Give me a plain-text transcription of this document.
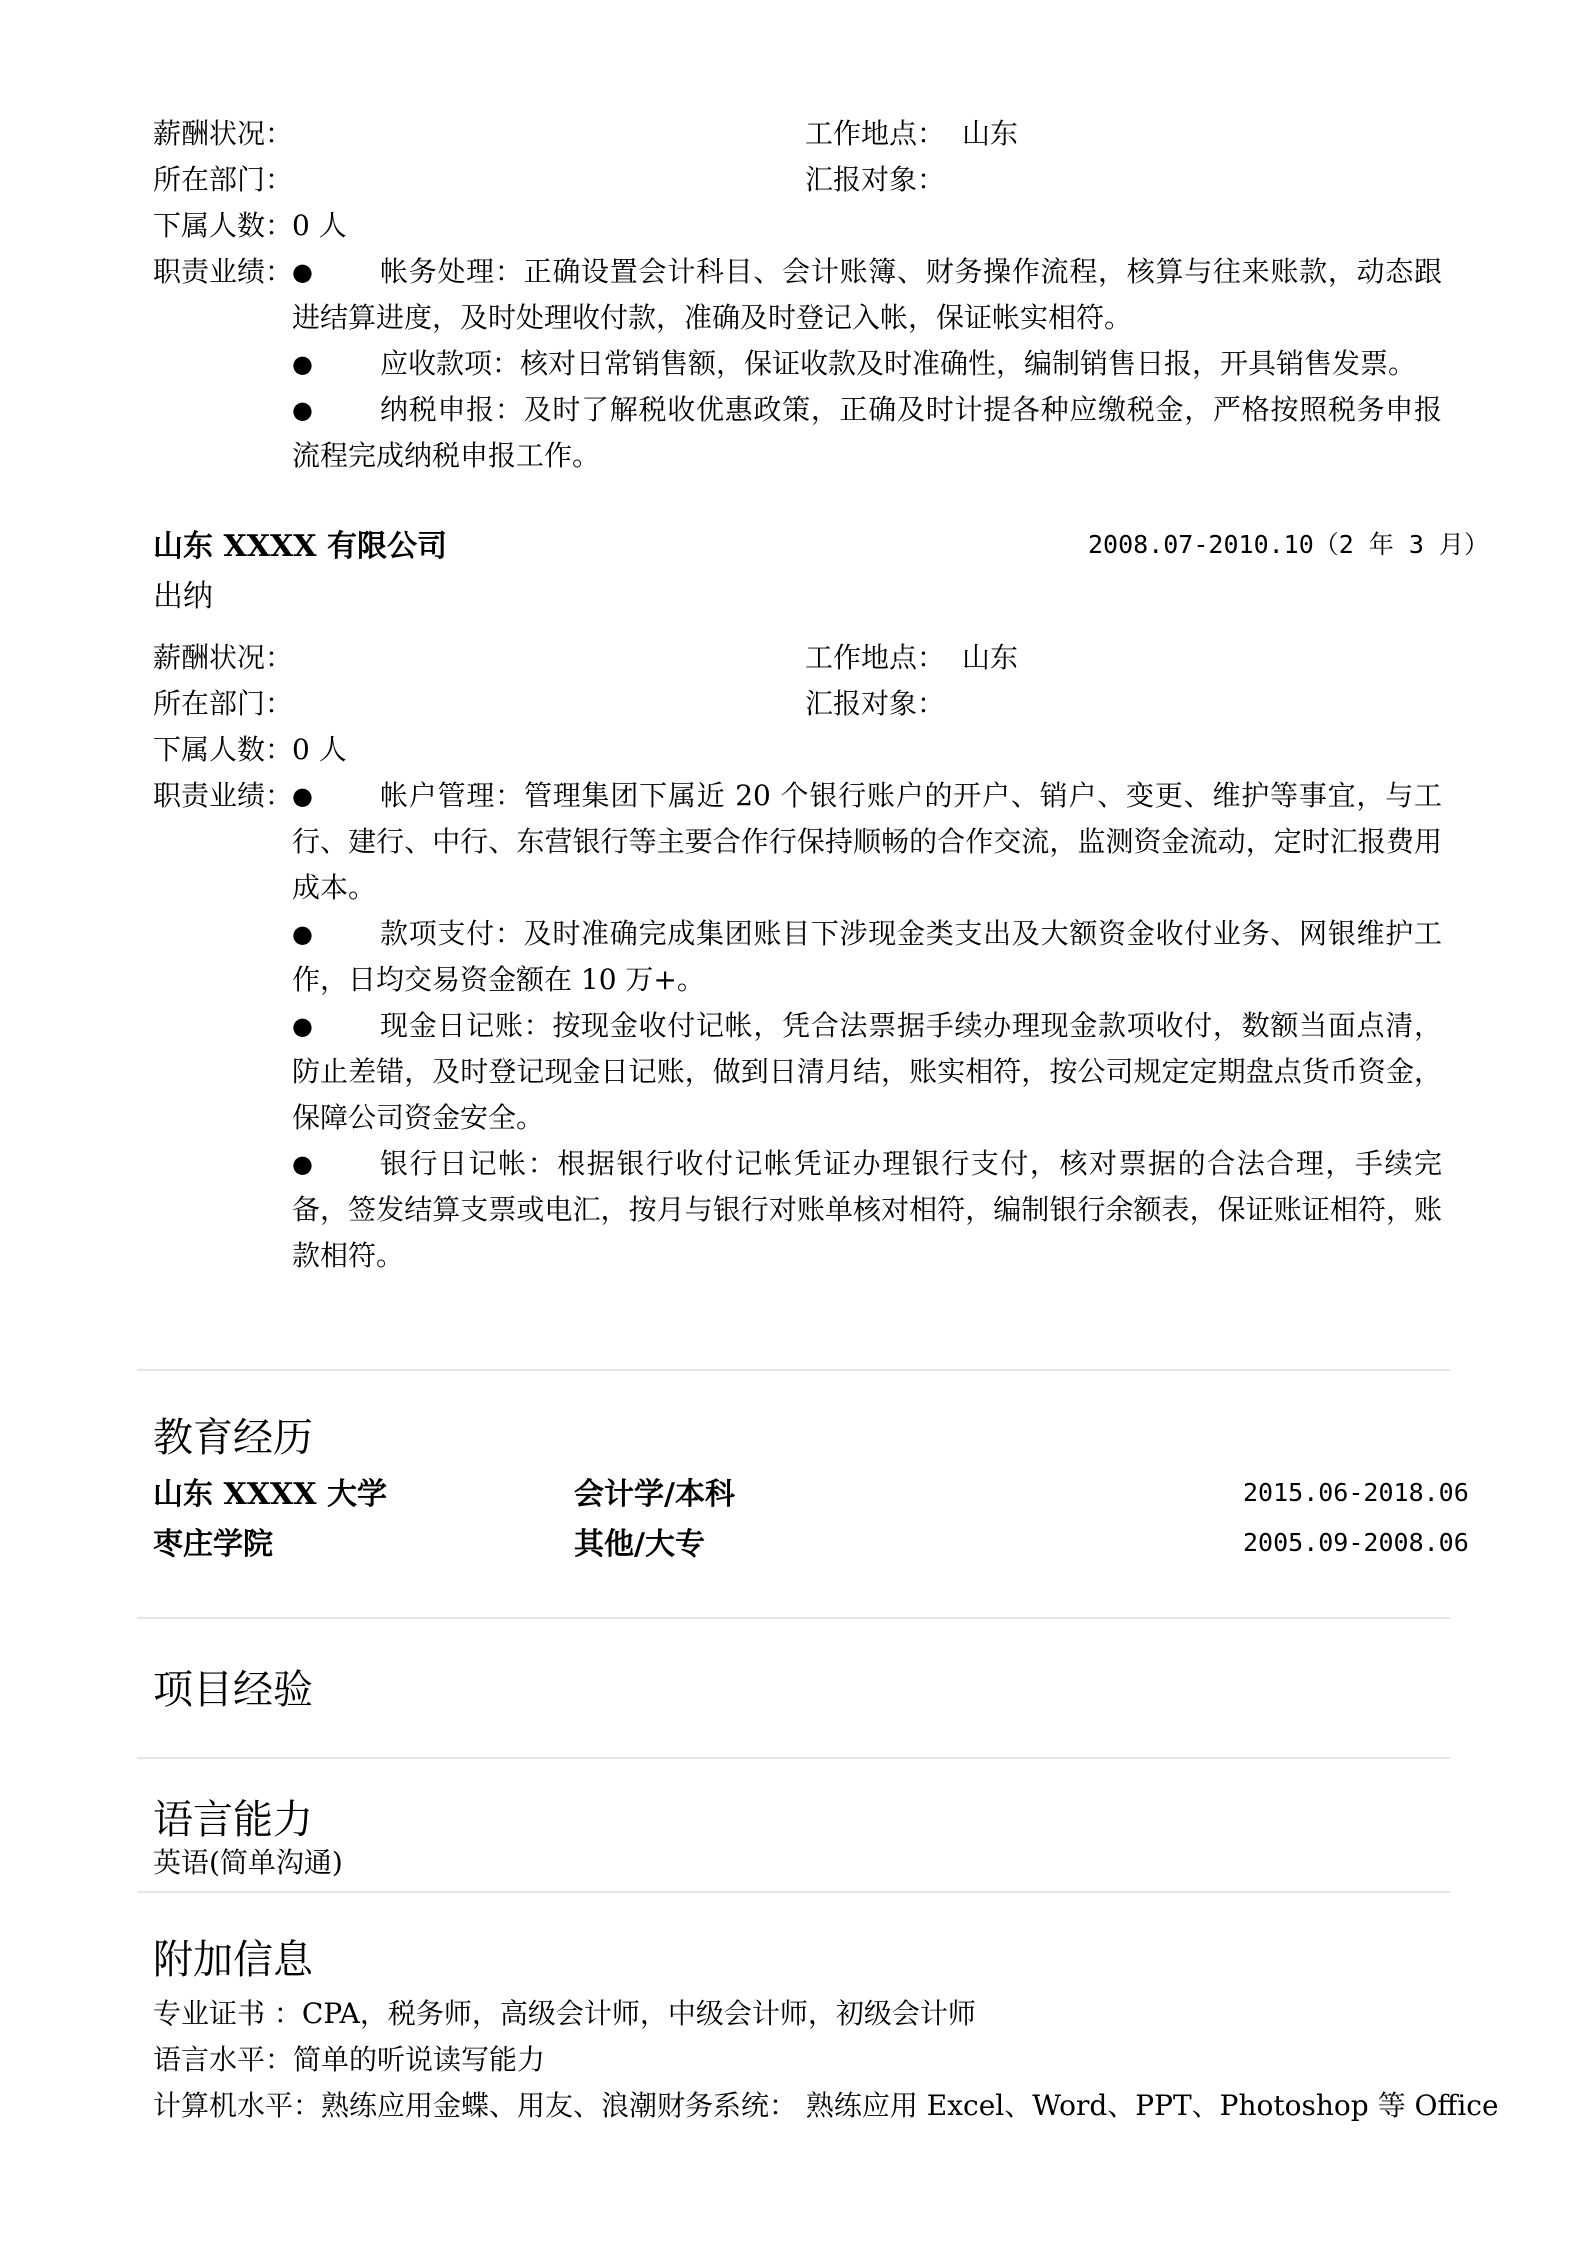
薪酬状况：	工作地点： 山东
所在部门：	汇报对象：
下属人数：
0 人
职责业绩：
●	帐务处理：正确设置会计科目、会计账簿、财务操作流程，核算与往来账款，动态跟进结算进度，及时处理收付款，准确及时登记入帐，保证帐实相符。
●	应收款项：核对日常销售额，保证收款及时准确性，编制销售日报，开具销售发票。
●	纳税申报：及时了解税收优惠政策，正确及时计提各种应缴税金，严格按照税务申报流程完成纳税申报工作。
山东 XXXX 有限公司	2008.07-2010.10（2 年 3 月）
出纳
薪酬状况：	工作地点： 山东
所在部门：	汇报对象：
下属人数：
0 人
职责业绩：
●	帐户管理：管理集团下属近 20 个银行账户的开户、销户、变更、维护等事宜，与工行、建行、中行、东营银行等主要合作行保持顺畅的合作交流，监测资金流动，定时汇报费用成本。
●	款项支付：及时准确完成集团账目下涉现金类支出及大额资金收付业务、网银维护工作，日均交易资金额在 10 万+。
●	现金日记账：按现金收付记帐，凭合法票据手续办理现金款项收付，数额当面点清，防止差错，及时登记现金日记账，做到日清月结，账实相符，按公司规定定期盘点货币资金，保障公司资金安全。
●	银行日记帐：根据银行收付记帐凭证办理银行支付，核对票据的合法合理，手续完备，签发结算支票或电汇，按月与银行对账单核对相符，编制银行余额表，保证账证相符，账款相符。
教育经历
山东 XXXX 大学	会计学/本科	2015.06-2018.06
枣庄学院	其他/大专	2005.09-2008.06
项目经验
语言能力
英语(简单沟通)
附加信息
专业证书 ：CPA，税务师，高级会计师，中级会计师，初级会计师
语言水平：简单的听说读写能力
计算机水平：熟练应用金蝶、用友、浪潮财务系统： 熟练应用 Excel、Word、PPT、Photoshop 等 Office
